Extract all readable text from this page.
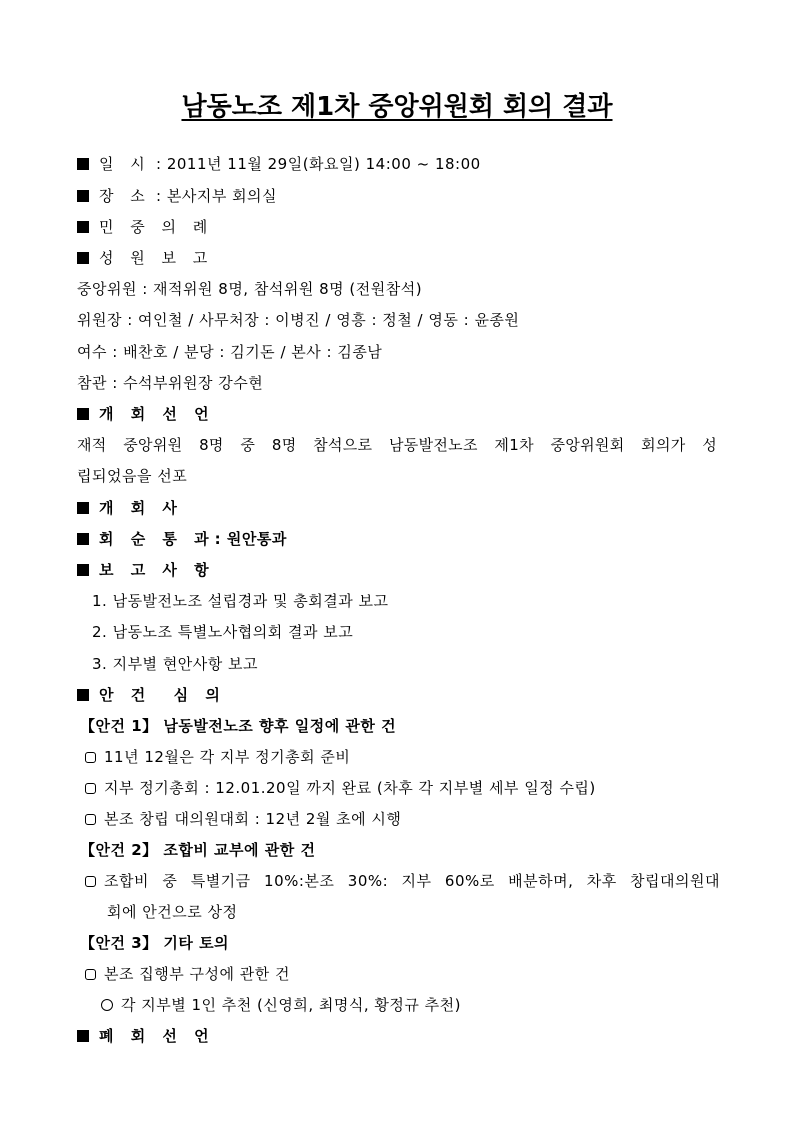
남동노조 제1차 중앙위원회 회의 결과
일 시 : 2011년 11월 29일(화요일) 14:00 ~ 18:00
장 소 : 본사지부 회의실
민 중 의 례
성 원 보 고
중앙위원 : 재적위원 8명, 참석위원 8명 (전원참석)
위원장 : 여인철 / 사무처장 : 이병진 / 영흥 : 정철 / 영동 : 윤종원
여수 : 배찬호 / 분당 : 김기돈 / 본사 : 김종남
참관 : 수석부위원장 강수현
개 회 선 언
재적 중앙위원 8명 중 8명 참석으로 남동발전노조 제1차 중앙위원회 회의가 성
립되었음을 선포
개 회 사
회 순 통 과: 원안통과
보 고 사 항
1. 남동발전노조 설립경과 및 총회결과 보고
2. 남동노조 특별노사협의회 결과 보고
3. 지부별 현안사항 보고
안 건  심 의
【안건 1】 남동발전노조 향후 일정에 관한 건
11년 12월은 각 지부 정기총회 준비
지부 정기총회 : 12.01.20일 까지 완료 (차후 각 지부별 세부 일정 수립)
본조 창립 대의원대회 : 12년 2월 초에 시행
【안건 2】 조합비 교부에 관한 건
조합비 중 특별기금 10%:본조 30%: 지부 60%로 배분하며, 차후 창립대의원대
회에 안건으로 상정
【안건 3】 기타 토의
본조 집행부 구성에 관한 건
각 지부별 1인 추천 (신영희, 최명식, 황정규 추천)
폐 회 선 언
